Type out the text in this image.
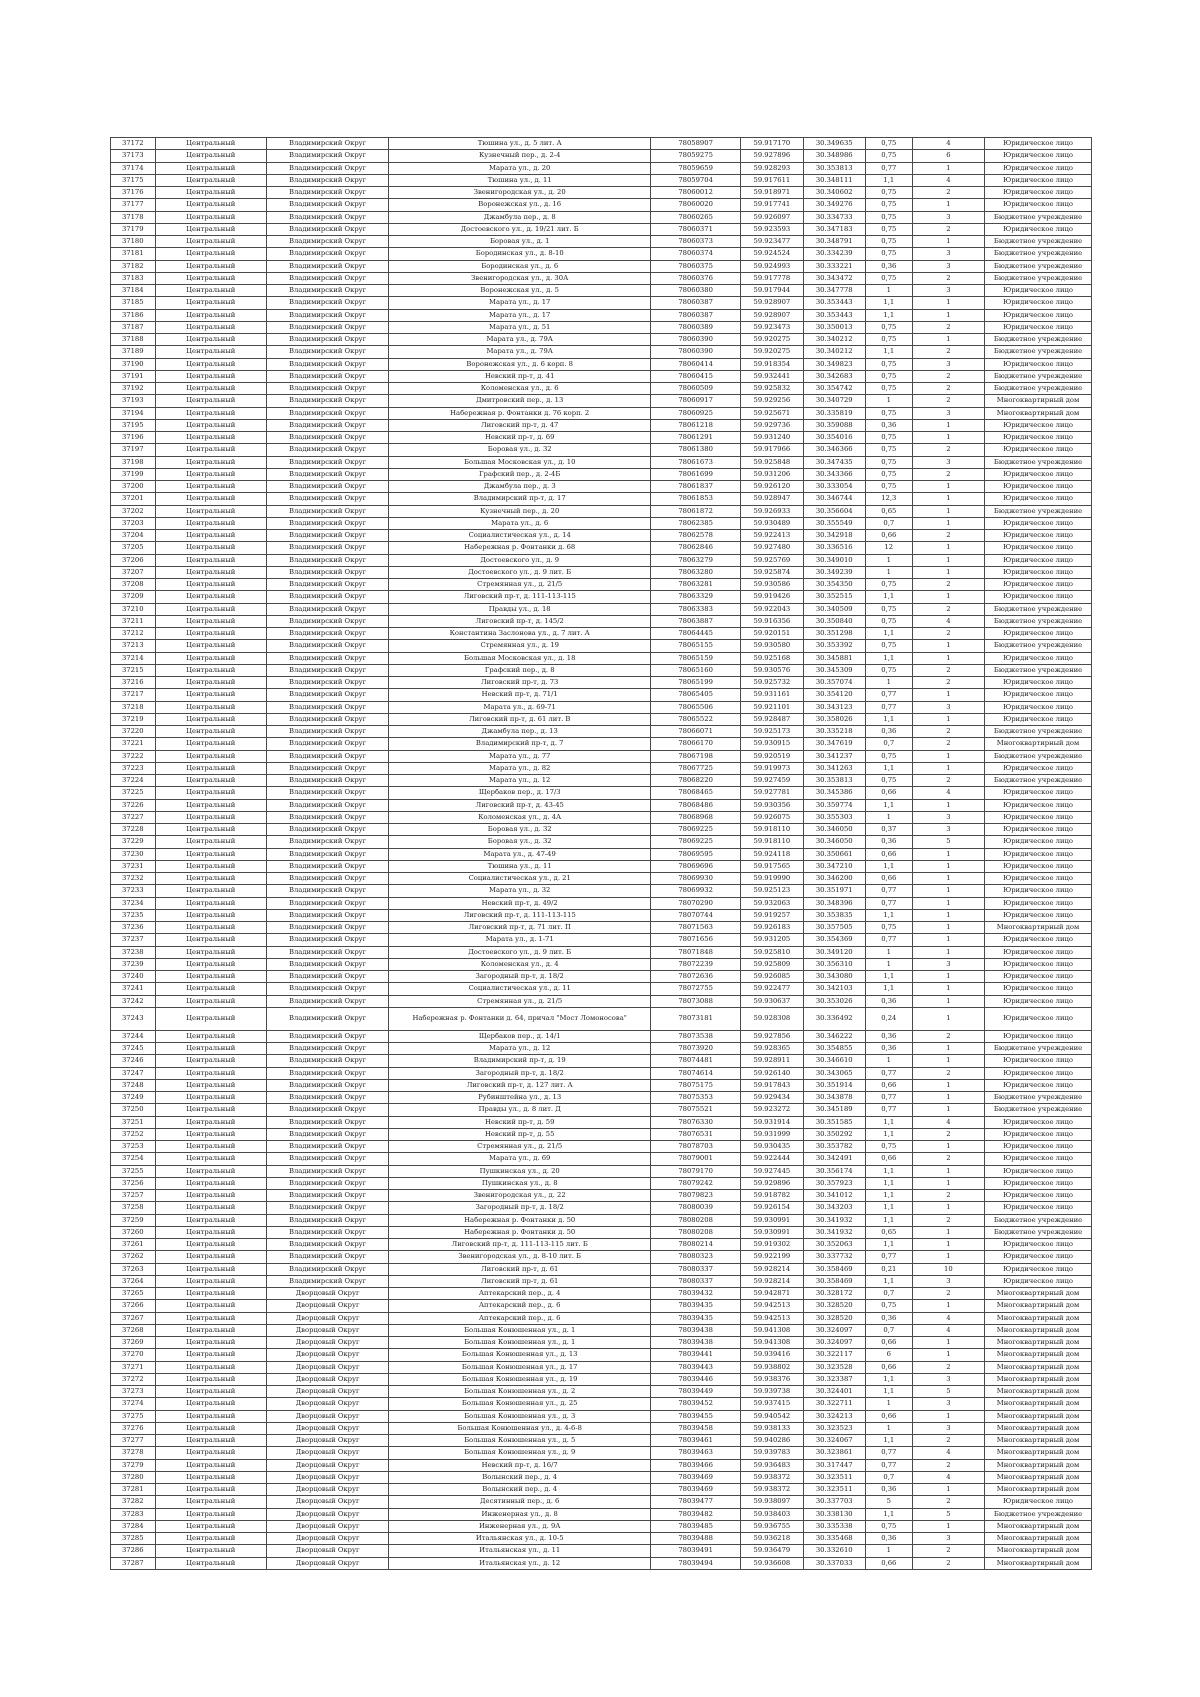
37172	Центральный	Владимирский Округ	Тюшина ул., д. 5 лит. А	78058907	59.917170	30.349635	0,75	4	Юридическое лицо
37173	Центральный	Владимирский Округ	Кузнечный пер., д. 2-4	78059275	59.927896	30.348986	0,75	6	Юридическое лицо
37174	Центральный	Владимирский Округ	Марата ул., д. 20	78059659	59.928293	30.353813	0,77	1	Юридическое лицо
37175	Центральный	Владимирский Округ	Тюшина ул., д. 11	78059704	59.917611	30.348111	1,1	4	Юридическое лицо
37176	Центральный	Владимирский Округ	Звенигородская ул., д. 20	78060012	59.918971	30.340602	0,75	2	Юридическое лицо
37177	Центральный	Владимирский Округ	Воронежская ул., д. 16	78060020	59.917741	30.349276	0,75	1	Юридическое лицо
37178	Центральный	Владимирский Округ	Джамбула пер., д. 8	78060265	59.926097	30.334733	0,75	3	Бюджетное учреждение
37179	Центральный	Владимирский Округ	Достоевского ул., д. 19/21 лит. Б	78060371	59.923593	30.347183	0,75	2	Юридическое лицо
37180	Центральный	Владимирский Округ	Боровая ул., д. 1	78060373	59.923477	30.348791	0,75	1	Бюджетное учреждение
37181	Центральный	Владимирский Округ	Бородинская ул., д. 8-10	78060374	59.924524	30.334239	0,75	3	Бюджетное учреждение
37182	Центральный	Владимирский Округ	Бородинская ул., д. 6	78060375	59.924993	30.333221	0,36	3	Бюджетное учреждение
37183	Центральный	Владимирский Округ	Звенигородская ул., д. 30А	78060376	59.917778	30.343472	0,75	2	Бюджетное учреждение
37184	Центральный	Владимирский Округ	Воронежская ул., д. 5	78060380	59.917944	30.347778	1	3	Юридическое лицо
37185	Центральный	Владимирский Округ	Марата ул., д. 17	78060387	59.928907	30.353443	1,1	1	Юридическое лицо
37186	Центральный	Владимирский Округ	Марата ул., д. 17	78060387	59.928907	30.353443	1,1	1	Юридическое лицо
37187	Центральный	Владимирский Округ	Марата ул., д. 51	78060389	59.923473	30.350013	0,75	2	Юридическое лицо
37188	Центральный	Владимирский Округ	Марата ул., д. 79А	78060390	59.920275	30.340212	0,75	1	Бюджетное учреждение
37189	Центральный	Владимирский Округ	Марата ул., д. 79А	78060390	59.920275	30.340212	1,1	2	Бюджетное учреждение
37190	Центральный	Владимирский Округ	Воронежская ул., д. 6 корп. 8	78060414	59.918354	30.349823	0,75	3	Юридическое лицо
37191	Центральный	Владимирский Округ	Невский пр-т, д. 41	78060415	59.932441	30.342683	0,75	2	Бюджетное учреждение
37192	Центральный	Владимирский Округ	Коломенская ул., д. 6	78060509	59.925832	30.354742	0,75	2	Бюджетное учреждение
37193	Центральный	Владимирский Округ	Дмитровский пер., д. 13	78060917	59.929256	30.340729	1	2	Многоквартирный дом
37194	Центральный	Владимирский Округ	Набережная р. Фонтанки д. 76 корп. 2	78060925	59.925671	30.335819	0,75	3	Многоквартирный дом
37195	Центральный	Владимирский Округ	Лиговский пр-т, д. 47	78061218	59.929736	30.359088	0,36	1	Юридическое лицо
37196	Центральный	Владимирский Округ	Невский пр-т, д. 69	78061291	59.931240	30.354016	0,75	1	Юридическое лицо
37197	Центральный	Владимирский Округ	Боровая ул., д. 32	78061380	59.917966	30.346366	0,75	2	Юридическое лицо
37198	Центральный	Владимирский Округ	Большая Московская ул., д. 10	78061673	59.925848	30.347435	0,75	3	Бюджетное учреждение
37199	Центральный	Владимирский Округ	Графский пер., д. 2-4Б	78061699	59.931206	30.343366	0,75	2	Юридическое лицо
37200	Центральный	Владимирский Округ	Джамбула пер., д. 3	78061837	59.926120	30.333054	0,75	1	Юридическое лицо
37201	Центральный	Владимирский Округ	Владимирский пр-т, д. 17	78061853	59.928947	30.346744	12,3	1	Юридическое лицо
37202	Центральный	Владимирский Округ	Кузнечный пер., д. 20	78061872	59.926933	30.356604	0,65	1	Бюджетное учреждение
37203	Центральный	Владимирский Округ	Марата ул., д. 6	78062385	59.930489	30.355549	0,7	1	Юридическое лицо
37204	Центральный	Владимирский Округ	Социалистическая ул., д. 14	78062578	59.922413	30.342918	0,66	2	Юридическое лицо
37205	Центральный	Владимирский Округ	Набережная р. Фонтанки д. 68	78062846	59.927480	30.336516	12	1	Юридическое лицо
37206	Центральный	Владимирский Округ	Достоевского ул., д. 9	78063279	59.925769	30.349010	1	1	Юридическое лицо
37207	Центральный	Владимирский Округ	Достоевского ул., д. 9 лит. Б	78063280	59.925874	30.349239	1	1	Юридическое лицо
37208	Центральный	Владимирский Округ	Стремянная ул., д. 21/5	78063281	59.930586	30.354350	0,75	2	Юридическое лицо
37209	Центральный	Владимирский Округ	Лиговский пр-т, д. 111-113-115	78063329	59.919426	30.352515	1,1	1	Юридическое лицо
37210	Центральный	Владимирский Округ	Правды ул., д. 18	78063383	59.922043	30.340509	0,75	2	Бюджетное учреждение
37211	Центральный	Владимирский Округ	Лиговский пр-т, д. 145/2	78063887	59.916356	30.350840	0,75	4	Бюджетное учреждение
37212	Центральный	Владимирский Округ	Константина Заслонова ул., д. 7 лит. А	78064445	59.920151	30.351298	1,1	2	Юридическое лицо
37213	Центральный	Владимирский Округ	Стремянная ул., д. 19	78065155	59.930580	30.353392	0,75	1	Бюджетное учреждение
37214	Центральный	Владимирский Округ	Большая Московская ул., д. 18	78065159	59.925168	30.345881	1,1	1	Юридическое лицо
37215	Центральный	Владимирский Округ	Графский пер., д. 8	78065160	59.930576	30.345309	0,75	2	Бюджетное учреждение
37216	Центральный	Владимирский Округ	Лиговский пр-т, д. 73	78065199	59.925732	30.357074	1	2	Юридическое лицо
37217	Центральный	Владимирский Округ	Невский пр-т, д. 71/1	78065405	59.931161	30.354120	0,77	1	Юридическое лицо
37218	Центральный	Владимирский Округ	Марата ул., д. 69-71	78065506	59.921101	30.343123	0,77	3	Юридическое лицо
37219	Центральный	Владимирский Округ	Лиговский пр-т, д. 61 лит. В	78065522	59.928487	30.358026	1,1	1	Юридическое лицо
37220	Центральный	Владимирский Округ	Джамбула пер., д. 13	78066071	59.925173	30.335218	0,36	2	Бюджетное учреждение
37221	Центральный	Владимирский Округ	Владимирский пр-т, д. 7	78066170	59.930915	30.347619	0,7	2	Многоквартирный дом
37222	Центральный	Владимирский Округ	Марата ул., д. 77	78067198	59.920519	30.341237	0,75	1	Бюджетное учреждение
37223	Центральный	Владимирский Округ	Марата ул., д. 82	78067725	59.919973	30.341263	1,1	1	Юридическое лицо
37224	Центральный	Владимирский Округ	Марата ул., д. 12	78068220	59.927459	30.353813	0,75	2	Бюджетное учреждение
37225	Центральный	Владимирский Округ	Щербаков пер., д. 17/3	78068465	59.927781	30.345386	0,66	4	Юридическое лицо
37226	Центральный	Владимирский Округ	Лиговский пр-т, д. 43-45	78068486	59.930356	30.359774	1,1	1	Юридическое лицо
37227	Центральный	Владимирский Округ	Коломенская ул., д. 4А	78068968	59.926075	30.355303	1	3	Юридическое лицо
37228	Центральный	Владимирский Округ	Боровая ул., д. 32	78069225	59.918110	30.346050	0,37	3	Юридическое лицо
37229	Центральный	Владимирский Округ	Боровая ул., д. 32	78069225	59.918110	30.346050	0,36	5	Юридическое лицо
37230	Центральный	Владимирский Округ	Марата ул., д. 47-49	78069595	59.924118	30.350661	0,66	1	Юридическое лицо
37231	Центральный	Владимирский Округ	Тюшина ул., д. 11	78069696	59.917565	30.347210	1,1	1	Юридическое лицо
37232	Центральный	Владимирский Округ	Социалистическая ул., д. 21	78069930	59.919990	30.346200	0,66	1	Юридическое лицо
37233	Центральный	Владимирский Округ	Марата ул., д. 32	78069932	59.925123	30.351971	0,77	1	Юридическое лицо
37234	Центральный	Владимирский Округ	Невский пр-т, д. 49/2	78070290	59.932063	30.348396	0,77	1	Юридическое лицо
37235	Центральный	Владимирский Округ	Лиговский пр-т, д. 111-113-115	78070744	59.919257	30.353835	1,1	1	Юридическое лицо
37236	Центральный	Владимирский Округ	Лиговский пр-т, д. 71 лит. П	78071563	59.926183	30.357505	0,75	1	Многоквартирный дом
37237	Центральный	Владимирский Округ	Марата ул., д. 1-71	78071656	59.931205	30.354369	0,77	1	Юридическое лицо
37238	Центральный	Владимирский Округ	Достоевского ул., д. 9 лит. Б	78071848	59.925810	30.349120	1	1	Юридическое лицо
37239	Центральный	Владимирский Округ	Коломенская ул., д. 4	78072239	59.925809	30.356310	1	3	Юридическое лицо
37240	Центральный	Владимирский Округ	Загородный пр-т, д. 18/2	78072636	59.926085	30.343080	1,1	1	Юридическое лицо
37241	Центральный	Владимирский Округ	Социалистическая ул., д. 11	78072755	59.922477	30.342103	1,1	1	Юридическое лицо
37242	Центральный	Владимирский Округ	Стремянная ул., д. 21/5	78073088	59.930637	30.353026	0,36	1	Юридическое лицо
37243	Центральный	Владимирский Округ	Набережная р. Фонтанки д. 64, причал "Мост Ломоносова"	78073181	59.928308	30.336492	0,24	1	Юридическое лицо
37244	Центральный	Владимирский Округ	Щербаков пер., д. 14/1	78073538	59.927856	30.346222	0,36	2	Юридическое лицо
37245	Центральный	Владимирский Округ	Марата ул., д. 12	78073920	59.928365	30.354855	0,36	1	Бюджетное учреждение
37246	Центральный	Владимирский Округ	Владимирский пр-т, д. 19	78074481	59.928911	30.346610	1	1	Юридическое лицо
37247	Центральный	Владимирский Округ	Загородный пр-т, д. 18/2	78074614	59.926140	30.343065	0,77	2	Юридическое лицо
37248	Центральный	Владимирский Округ	Лиговский пр-т, д. 127 лит. А	78075175	59.917843	30.351914	0,66	1	Юридическое лицо
37249	Центральный	Владимирский Округ	Рубинштейна ул., д. 13	78075353	59.929434	30.343878	0,77	1	Бюджетное учреждение
37250	Центральный	Владимирский Округ	Правды ул., д. 8 лит. Д	78075521	59.923272	30.345189	0,77	1	Бюджетное учреждение
37251	Центральный	Владимирский Округ	Невский пр-т, д. 59	78076330	59.931914	30.351585	1,1	4	Юридическое лицо
37252	Центральный	Владимирский Округ	Невский пр-т, д. 55	78076531	59.931999	30.350292	1,1	2	Юридическое лицо
37253	Центральный	Владимирский Округ	Стремянная ул., д. 21/5	78078703	59.930435	30.353782	0,75	1	Юридическое лицо
37254	Центральный	Владимирский Округ	Марата ул., д. 69	78079001	59.922444	30.342491	0,66	2	Юридическое лицо
37255	Центральный	Владимирский Округ	Пушкинская ул., д. 20	78079170	59.927445	30.356174	1,1	1	Юридическое лицо
37256	Центральный	Владимирский Округ	Пушкинская ул., д. 8	78079242	59.929896	30.357923	1,1	1	Юридическое лицо
37257	Центральный	Владимирский Округ	Звенигородская ул., д. 22	78079823	59.918782	30.341012	1,1	2	Юридическое лицо
37258	Центральный	Владимирский Округ	Загородный пр-т, д. 18/2	78080039	59.926154	30.343203	1,1	1	Юридическое лицо
37259	Центральный	Владимирский Округ	Набережная р. Фонтанки д. 50	78080208	59.930991	30.341932	1,1	2	Бюджетное учреждение
37260	Центральный	Владимирский Округ	Набережная р. Фонтанки д. 50	78080208	59.930991	30.341932	0,65	1	Бюджетное учреждение
37261	Центральный	Владимирский Округ	Лиговский пр-т, д. 111-113-115 лит. Б	78080214	59.919302	30.352063	1,1	1	Юридическое лицо
37262	Центральный	Владимирский Округ	Звенигородская ул., д. 8-10 лит. Б	78080323	59.922199	30.337732	0,77	1	Юридическое лицо
37263	Центральный	Владимирский Округ	Лиговский пр-т, д. 61	78080337	59.928214	30.358469	0,21	10	Юридическое лицо
37264	Центральный	Владимирский Округ	Лиговский пр-т, д. 61	78080337	59.928214	30.358469	1,1	3	Юридическое лицо
37265	Центральный	Дворцовый Округ	Аптекарский пер., д. 4	78039432	59.942871	30.328172	0,7	2	Многоквартирный дом
37266	Центральный	Дворцовый Округ	Аптекарский пер., д. 6	78039435	59.942513	30.328520	0,75	1	Многоквартирный дом
37267	Центральный	Дворцовый Округ	Аптекарский пер., д. 6	78039435	59.942513	30.328520	0,36	4	Многоквартирный дом
37268	Центральный	Дворцовый Округ	Большая Конюшенная ул., д. 1	78039438	59.941308	30.324097	0,7	4	Многоквартирный дом
37269	Центральный	Дворцовый Округ	Большая Конюшенная ул., д. 1	78039438	59.941308	30.324097	0,66	1	Многоквартирный дом
37270	Центральный	Дворцовый Округ	Большая Конюшенная ул., д. 13	78039441	59.939416	30.322117	6	1	Многоквартирный дом
37271	Центральный	Дворцовый Округ	Большая Конюшенная ул., д. 17	78039443	59.938802	30.323528	0,66	2	Многоквартирный дом
37272	Центральный	Дворцовый Округ	Большая Конюшенная ул., д. 19	78039446	59.938376	30.323387	1,1	3	Многоквартирный дом
37273	Центральный	Дворцовый Округ	Большая Конюшенная ул., д. 2	78039449	59.939738	30.324401	1,1	5	Многоквартирный дом
37274	Центральный	Дворцовый Округ	Большая Конюшенная ул., д. 25	78039452	59.937415	30.322711	1	3	Многоквартирный дом
37275	Центральный	Дворцовый Округ	Большая Конюшенная ул., д. 3	78039455	59.940542	30.324213	0,66	1	Многоквартирный дом
37276	Центральный	Дворцовый Округ	Большая Конюшенная ул., д. 4-6-8	78039458	59.938133	30.323523	1	3	Многоквартирный дом
37277	Центральный	Дворцовый Округ	Большая Конюшенная ул., д. 5	78039461	59.940286	30.324067	1,1	2	Многоквартирный дом
37278	Центральный	Дворцовый Округ	Большая Конюшенная ул., д. 9	78039463	59.939783	30.323861	0,77	4	Многоквартирный дом
37279	Центральный	Дворцовый Округ	Невский пр-т, д. 16/7	78039466	59.936483	30.317447	0,77	2	Многоквартирный дом
37280	Центральный	Дворцовый Округ	Волынский пер., д. 4	78039469	59.938372	30.323511	0,7	4	Многоквартирный дом
37281	Центральный	Дворцовый Округ	Волынский пер., д. 4	78039469	59.938372	30.323511	0,36	1	Многоквартирный дом
37282	Центральный	Дворцовый Округ	Десятинный пер., д. 6	78039477	59.938097	30.337703	5	2	Юридическое лицо
37283	Центральный	Дворцовый Округ	Инженерная ул., д. 8	78039482	59.938403	30.338130	1,1	5	Бюджетное учреждение
37284	Центральный	Дворцовый Округ	Инженерная ул., д. 9А	78039485	59.936755	30.335338	0,75	1	Многоквартирный дом
37285	Центральный	Дворцовый Округ	Итальянская ул., д. 10-5	78039488	59.936218	30.335468	0,36	3	Многоквартирный дом
37286	Центральный	Дворцовый Округ	Итальянская ул., д. 11	78039491	59.936479	30.332610	1	2	Многоквартирный дом
37287	Центральный	Дворцовый Округ	Итальянская ул., д. 12	78039494	59.936608	30.337033	0,66	2	Многоквартирный дом
